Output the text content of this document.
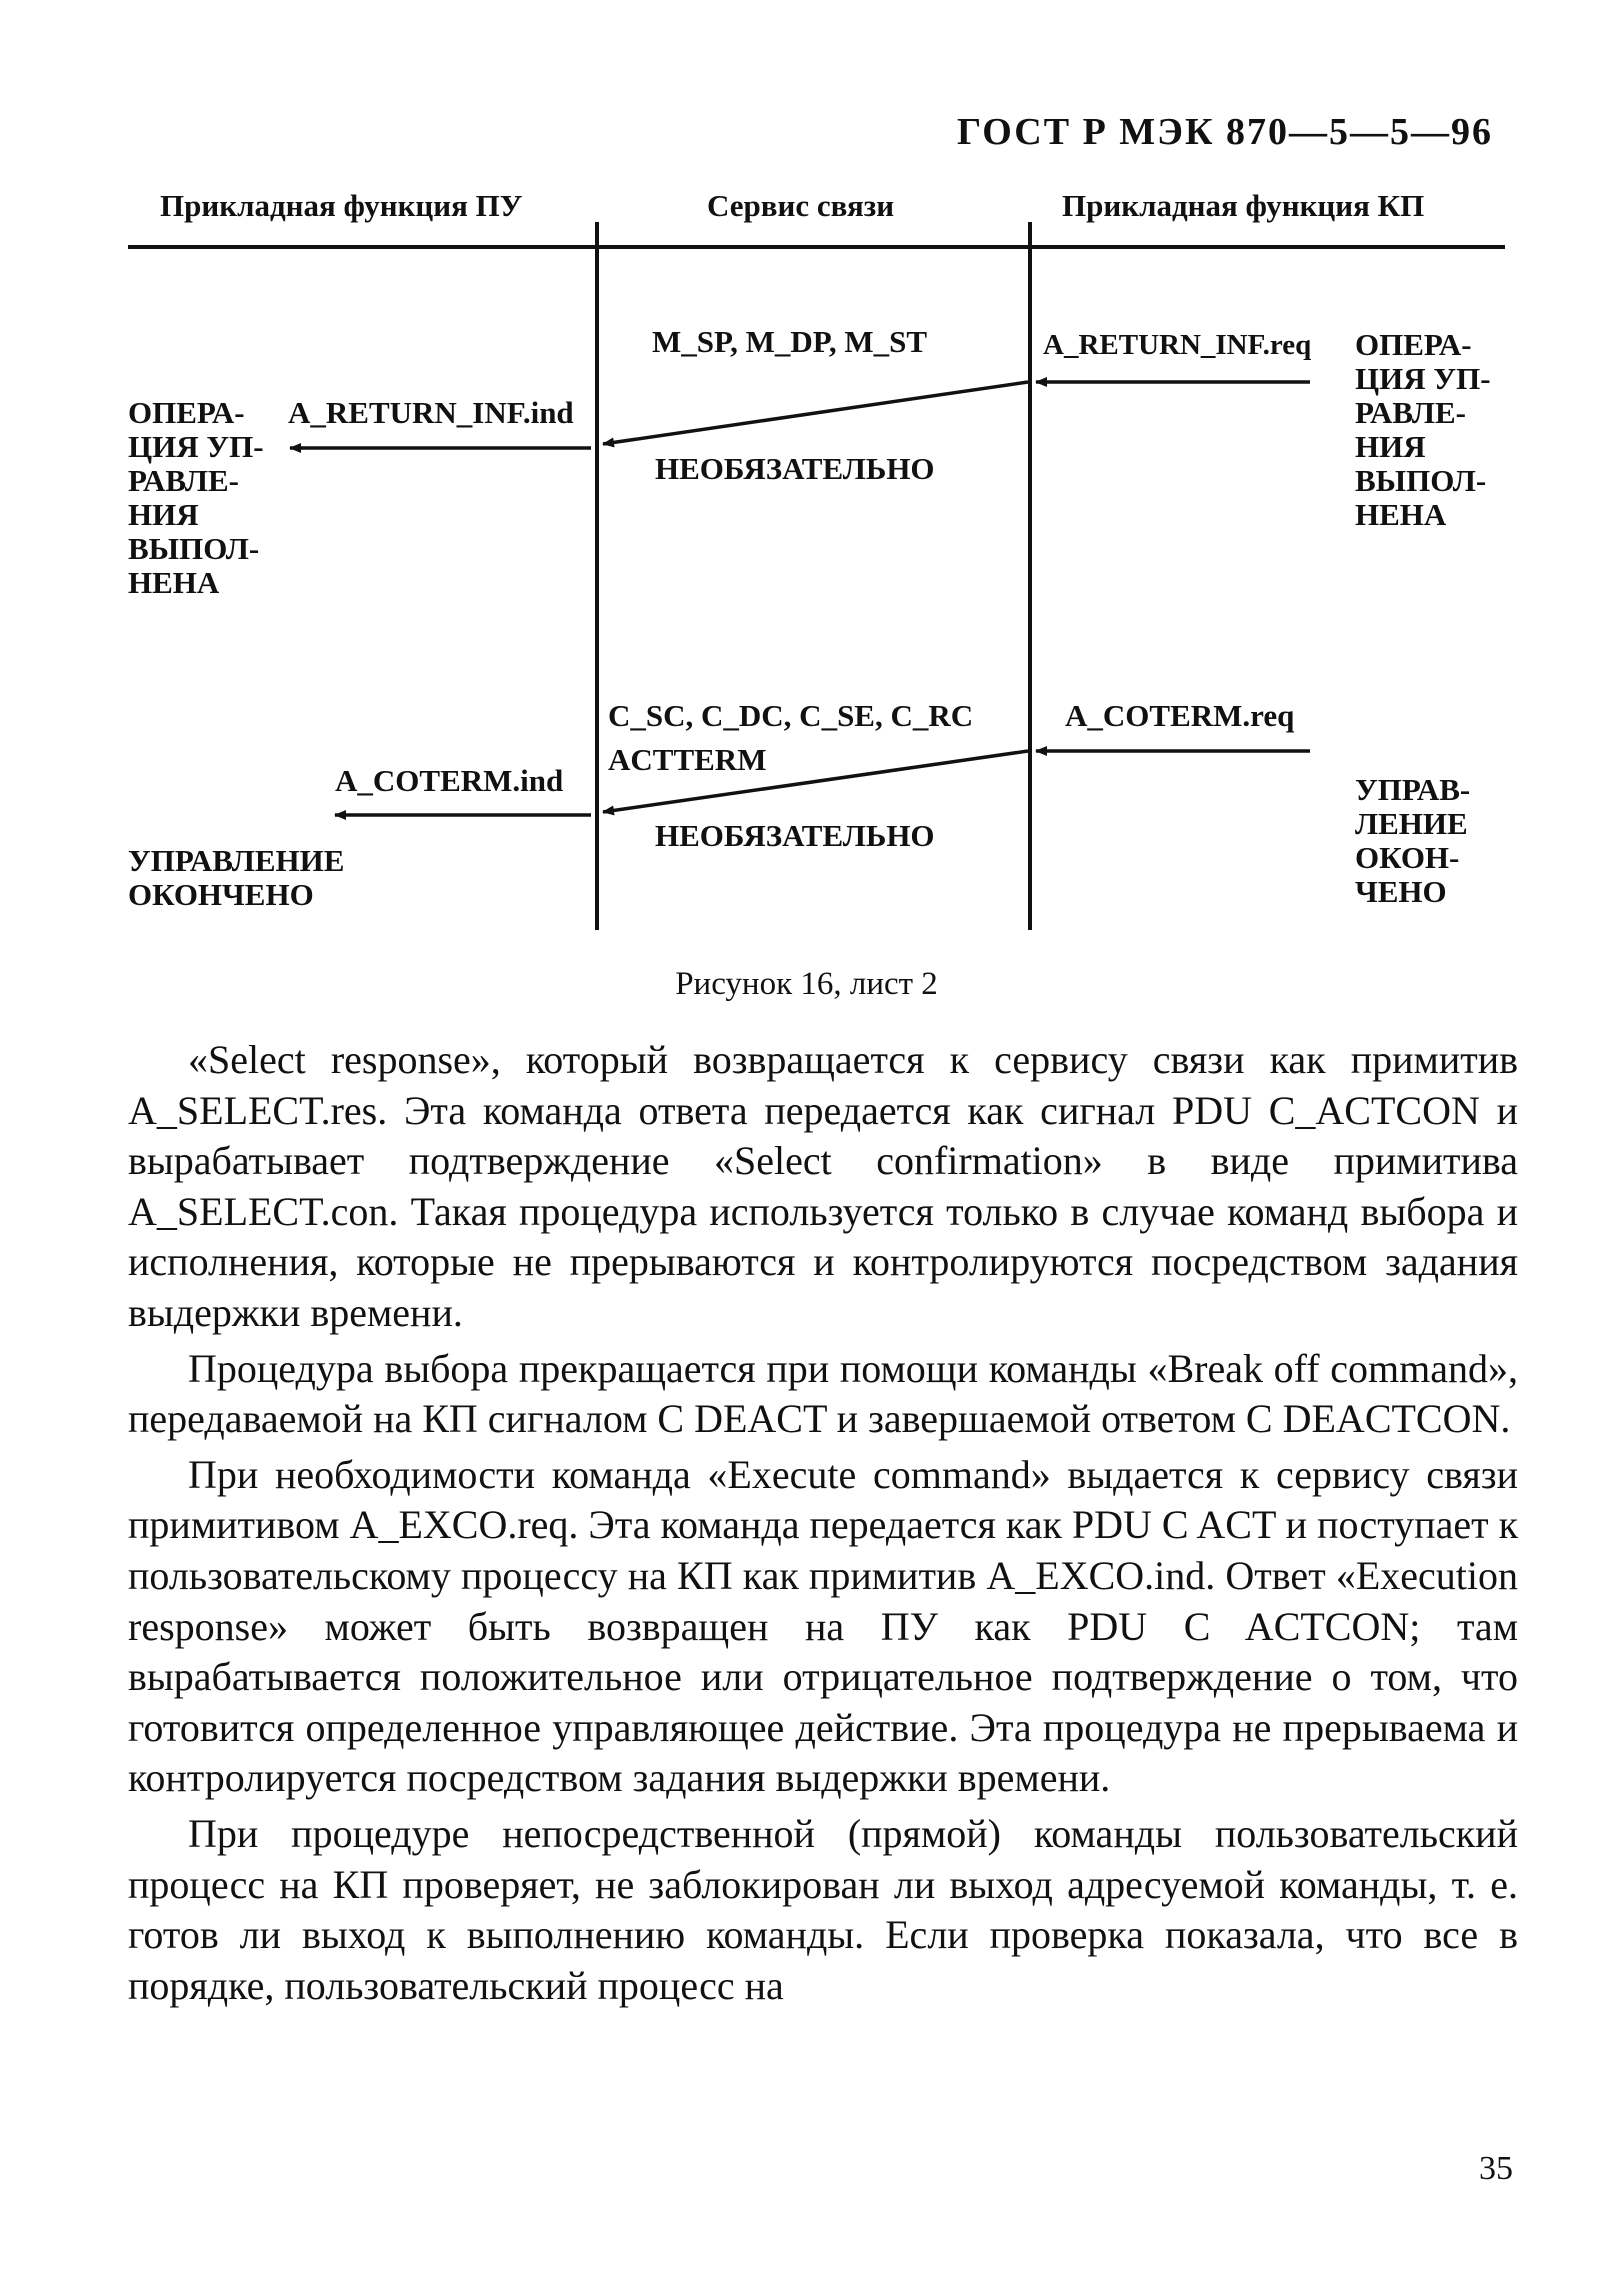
ГОСТ Р МЭК 870—5—5—96
Прикладная функция ПУ	Сервис связи	Прикладная функция КП
M_SP, M_DP, M_ST	A_RETURN_INF.req
A_RETURN_INF.ind
НЕОБЯЗАТЕЛЬНО
ОПЕРА-
ЦИЯ УП-
РАВЛЕ-
НИЯ
ВЫПОЛ-
НЕНА
ОПЕРА-
ЦИЯ УП-
РАВЛЕ-
НИЯ
ВЫПОЛ-
НЕНА
C_SC, C_DC, C_SE, C_RC
ACTTERM
A_COTERM.req
A_COTERM.ind
НЕОБЯЗАТЕЛЬНО
УПРАВ-
ЛЕНИЕ
ОКОН-
ЧЕНО
УПРАВЛЕНИЕ
ОКОНЧЕНО
Рисунок 16, лист 2

«Select response», который возвращается к сервису связи как примитив A_SELECT.res. Эта команда ответа передается как сигнал PDU C_ACTCON и вырабатывает подтверждение «Select confirmation» в виде примитива A_SELECT.con. Такая процедура используется только в случае команд выбора и исполнения, которые не прерываются и контролируются посредством задания выдержки времени.

Процедура выбора прекращается при помощи команды «Break off command», передаваемой на КП сигналом C DEACT и завершаемой ответом C DEACTCON.

При необходимости команда «Execute command» выдается к сервису связи примитивом A_EXCO.req. Эта команда передается как PDU C ACT и поступает к пользовательскому процессу на КП как примитив A_EXCO.ind. Ответ «Execution response» может быть возвращен на ПУ как PDU C ACTCON; там вырабатывается положительное или отрицательное подтверждение о том, что готовится определенное управляющее действие. Эта процедура не прерываема и контролируется посредством задания выдержки времени.

При процедуре непосредственной (прямой) команды пользовательский процесс на КП проверяет, не заблокирован ли выход адресуемой команды, т. е. готов ли выход к выполнению команды. Если проверка показала, что все в порядке, пользовательский процесс на

35
